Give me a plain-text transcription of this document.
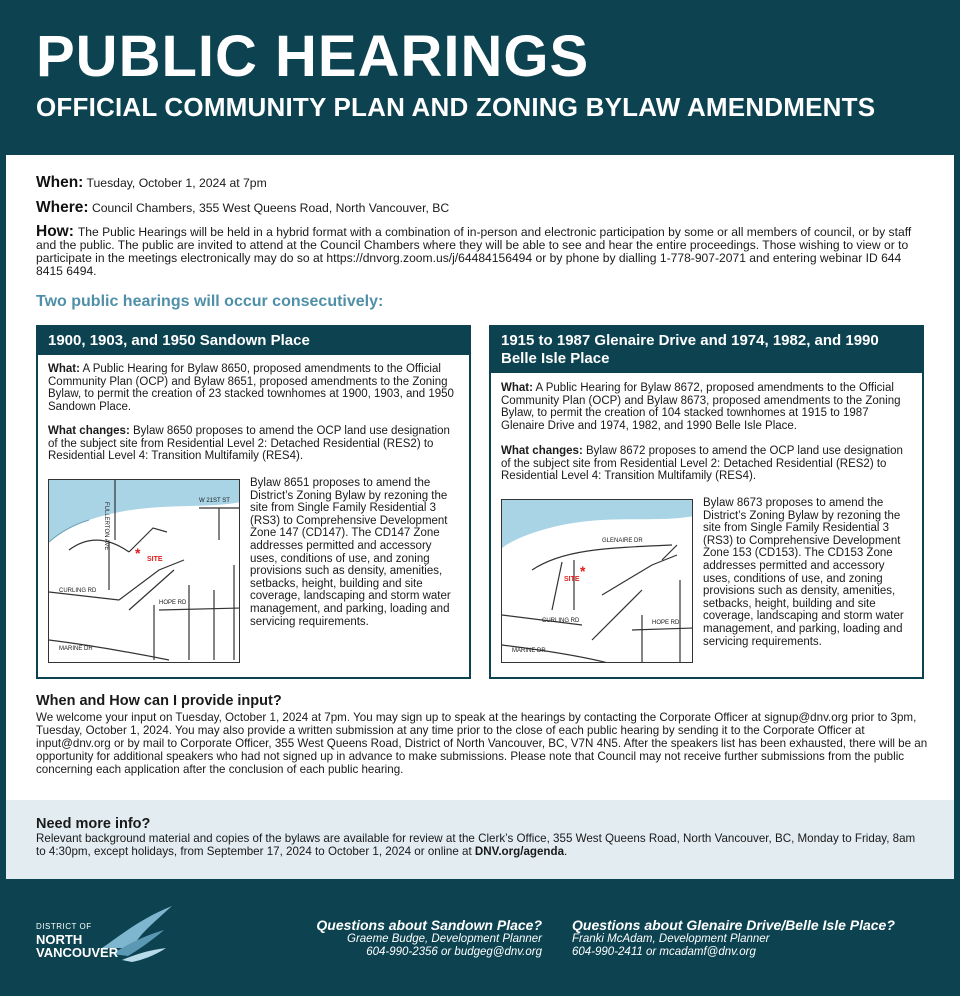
PUBLIC HEARINGS
OFFICIAL COMMUNITY PLAN AND ZONING BYLAW AMENDMENTS
When: Tuesday, October 1, 2024 at 7pm
Where: Council Chambers, 355 West Queens Road, North Vancouver, BC
How: The Public Hearings will be held in a hybrid format with a combination of in-person and electronic participation by some or all members of council, or by staff and the public. The public are invited to attend at the Council Chambers where they will be able to see and hear the entire proceedings. Those wishing to view or to participate in the meetings electronically may do so at https://dnvorg.zoom.us/j/64484156494 or by phone by dialling 1-778-907-2071 and entering webinar ID 644 8415 6494.
Two public hearings will occur consecutively:
1900, 1903, and 1950 Sandown Place
What: A Public Hearing for Bylaw 8650, proposed amendments to the Official Community Plan (OCP) and Bylaw 8651, proposed amendments to the Zoning Bylaw, to permit the creation of 23 stacked townhomes at 1900, 1903, and 1950 Sandown Place.
What changes: Bylaw 8650 proposes to amend the OCP land use designation of the subject site from Residential Level 2: Detached Residential (RES2) to Residential Level 4: Transition Multifamily (RES4).
* SITE
FULLERTON AVE
W 21ST ST
CURLING RD
HOPE RD
MARINE DR
Bylaw 8651 proposes to amend the District’s Zoning Bylaw by rezoning the site from Single Family Residential 3 (RS3) to Comprehensive Development Zone 147 (CD147). The CD147 Zone addresses permitted and accessory uses, conditions of use, and zoning provisions such as density, amenities, setbacks, height, building and site coverage, landscaping and storm water management, and parking, loading and servicing requirements.
1915 to 1987 Glenaire Drive and 1974, 1982, and 1990 Belle Isle Place
What: A Public Hearing for Bylaw 8672, proposed amendments to the Official Community Plan (OCP) and Bylaw 8673, proposed amendments to the Zoning Bylaw, to permit the creation of 104 stacked townhomes at 1915 to 1987 Glenaire Drive and 1974, 1982, and 1990 Belle Isle Place.
What changes: Bylaw 8672 proposes to amend the OCP land use designation of the subject site from Residential Level 2: Detached Residential (RES2) to Residential Level 4: Transition Multifamily (RES4).
*
SITE
GLENAIRE DR
CURLING RD	HOPE RD
MARINE DR
Bylaw 8673 proposes to amend the District’s Zoning Bylaw by rezoning the site from Single Family Residential 3 (RS3) to Comprehensive Development Zone 153 (CD153). The CD153 Zone addresses permitted and accessory uses, conditions of use, and zoning provisions such as density, amenities, setbacks, height, building and site coverage, landscaping and storm water management, and parking, loading and servicing requirements.
When and How can I provide input?
We welcome your input on Tuesday, October 1, 2024 at 7pm. You may sign up to speak at the hearings by contacting the Corporate Officer at signup@dnv.org prior to 3pm, Tuesday, October 1, 2024. You may also provide a written submission at any time prior to the close of each public hearing by sending it to the Corporate Officer at input@dnv.org or by mail to Corporate Officer, 355 West Queens Road, District of North Vancouver, BC, V7N 4N5. After the speakers list has been exhausted, there will be an opportunity for additional speakers who had not signed up in advance to make submissions. Please note that Council may not receive further submissions from the public concerning each application after the conclusion of each public hearing.
Need more info?
Relevant background material and copies of the bylaws are available for review at the Clerk’s Office, 355 West Queens Road, North Vancouver, BC, Monday to Friday, 8am to 4:30pm, except holidays, from September 17, 2024 to October 1, 2024 or online at DNV.org/agenda.
DISTRICT OF
NORTH
VANCOUVER
Questions about Sandown Place?
Graeme Budge, Development Planner
604-990-2356 or budgeg@dnv.org
Questions about Glenaire Drive/Belle Isle Place?
Franki McAdam, Development Planner
604-990-2411 or mcadamf@dnv.org
